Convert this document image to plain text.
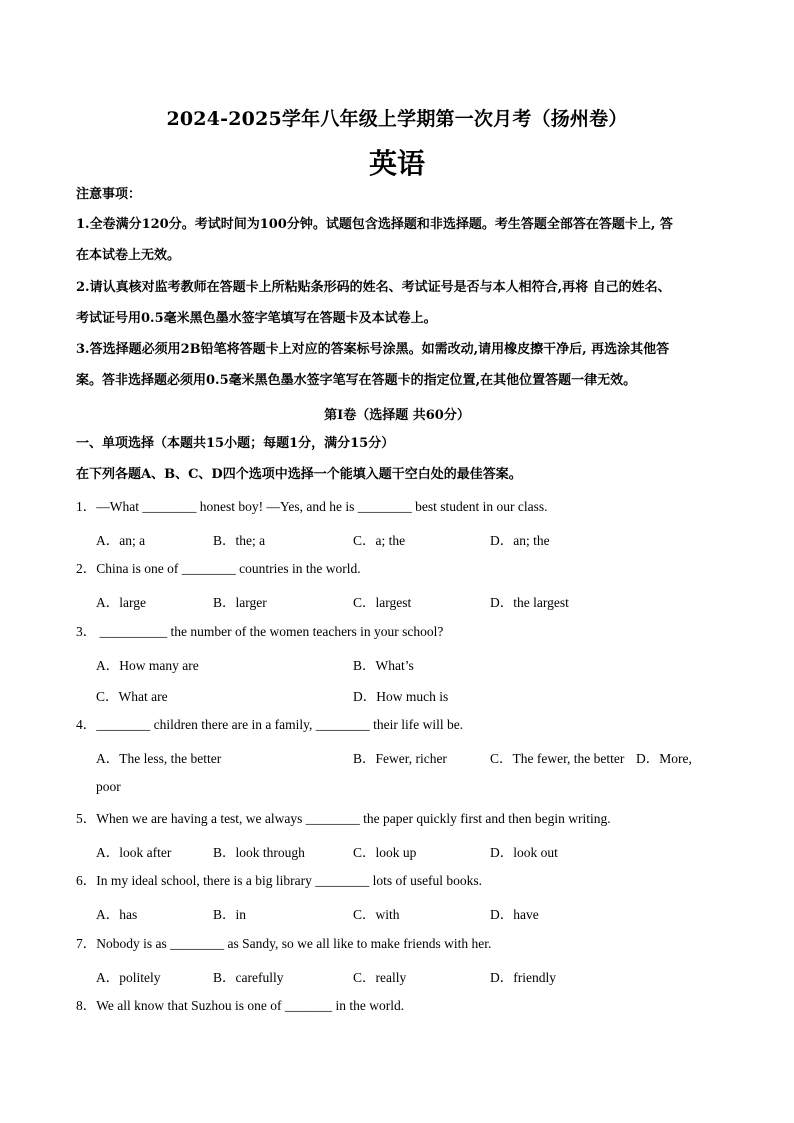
2024-2025学年八年级上学期第一次月考（扬州卷）
英语
注意事项：
1.全卷满分120分。考试时间为100分钟。试题包含选择题和非选择题。考生答题全部答在答题卡上, 答
在本试卷上无效。
2.请认真核对监考教师在答题卡上所粘贴条形码的姓名、考试证号是否与本人相符合,再将 自己的姓名、
考试证号用0.5毫米黑色墨水签字笔填写在答题卡及本试卷上。
3.答选择题必须用2B铅笔将答题卡上对应的答案标号涂黑。如需改动,请用橡皮擦干净后, 再选涂其他答
案。答非选择题必须用0.5毫米黑色墨水签字笔写在答题卡的指定位置,在其他位置答题一律无效。
第I卷（选择题 共60分）
一、单项选择（本题共15小题；每题1分，满分15分）
在下列各题A、B、C、D四个选项中选择一个能填入题干空白处的最佳答案。
1．—What ________ honest boy! —Yes, and he is ________ best student in our class.
A．an; a	B．the; a	C．a; the	D．an; the
2．China is one of ________ countries in the world.
A．large	B．larger	C．largest	D．the largest
3． __________ the number of the women teachers in your school?
A．How many are	B．What’s
C．What are	D．How much is
4．________ children there are in a family, ________ their life will be.
A．The less, the better	B．Fewer, richer	C．The fewer, the better D．More,
poor
5．When we are having a test, we always ________ the paper quickly first and then begin writing.
A．look after	B．look through	C．look up	D．look out
6．In my ideal school, there is a big library ________ lots of useful books.
A．has	B．in	C．with	D．have
7．Nobody is as ________ as Sandy, so we all like to make friends with her.
A．politely	B．carefully	C．really	D．friendly
8．We all know that Suzhou is one of _______ in the world.
